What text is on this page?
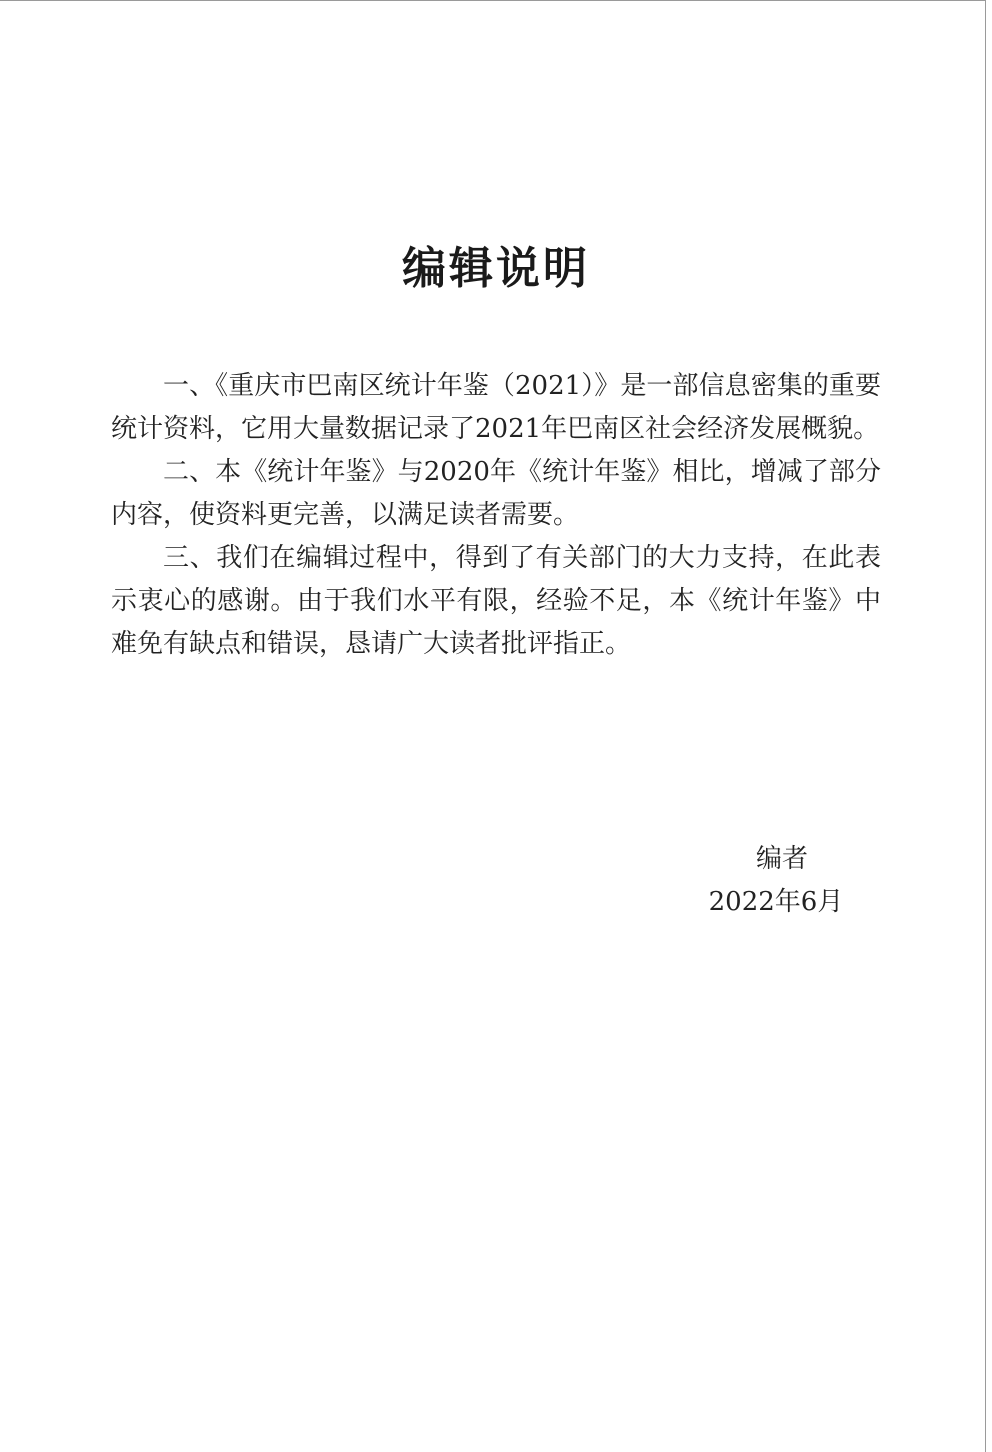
编辑说明

一、《重庆市巴南区统计年鉴（2021）》是一部信息密集的重要统计资料，它用大量数据记录了2021年巴南区社会经济发展概貌。

二、本《统计年鉴》与2020年《统计年鉴》相比，增减了部分内容，使资料更完善，以满足读者需要。

三、我们在编辑过程中，得到了有关部门的大力支持，在此表示衷心的感谢。由于我们水平有限，经验不足，本《统计年鉴》中难免有缺点和错误，恳请广大读者批评指正。

编者
2022年6月
